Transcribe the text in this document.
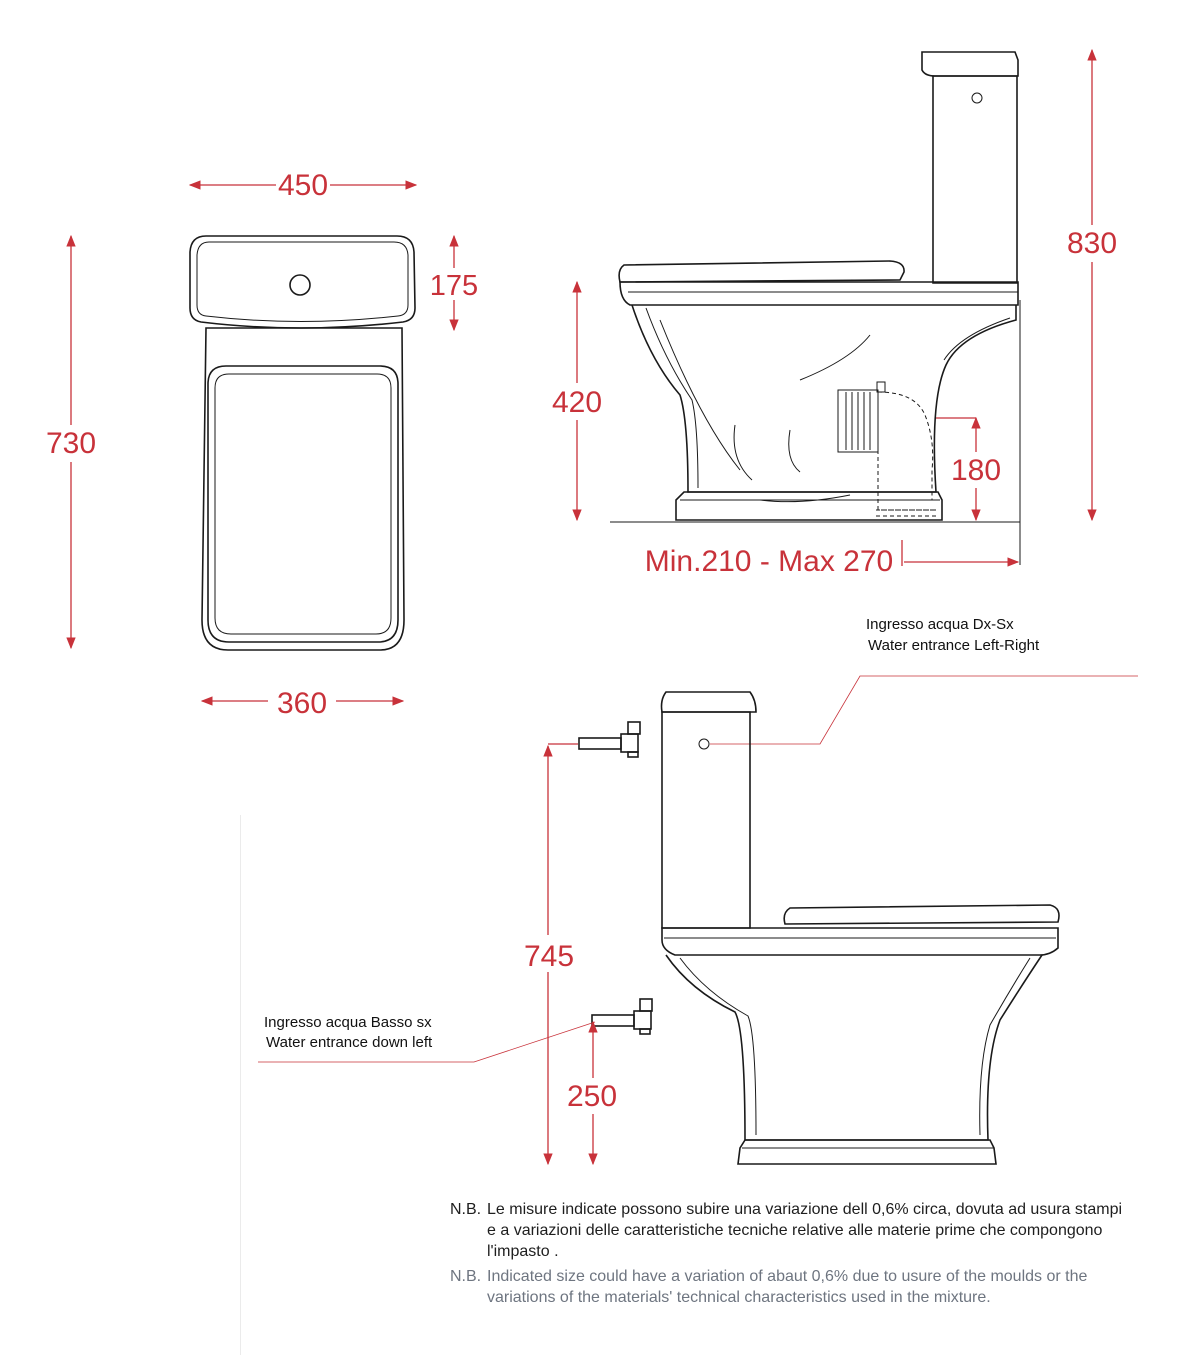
450
730
175
360
830
420
180
Min.210 - Max 270
Ingresso acqua Dx-Sx
Water entrance Left-Right
745
250
Ingresso acqua Basso sx
Water entrance down left
N.B. Le misure indicate possono subire una variazione dell 0,6% circa, dovuta ad usura stampi
e a variazioni delle caratteristiche tecniche relative alle materie prime che compongono
l'impasto .
N.B. Indicated size could have a variation of abaut 0,6% due to usure of the moulds or the
variations of the materials' technical characteristics used in the mixture.
